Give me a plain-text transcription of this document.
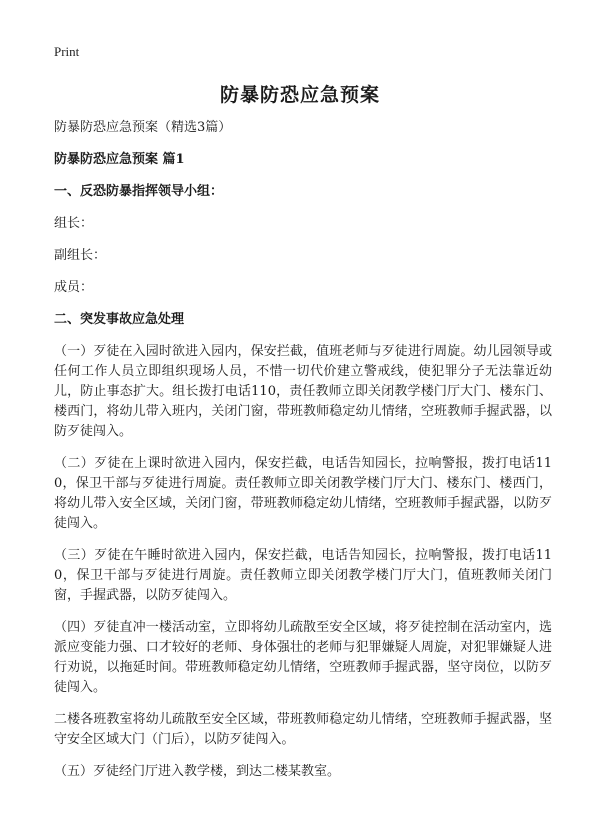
Print
防暴防恐应急预案

防暴防恐应急预案（精选3篇）

防暴防恐应急预案 篇1

一、反恐防暴指挥领导小组：

组长：

副组长：

成员：

二、突发事故应急处理

（一）歹徒在入园时欲进入园内，保安拦截，值班老师与歹徒进行周旋。幼儿园领导或任何工作人员立即组织现场人员，不惜一切代价建立警戒线，使犯罪分子无法靠近幼儿，防止事态扩大。组长拨打电话110，责任教师立即关闭教学楼门厅大门、楼东门、楼西门，将幼儿带入班内，关闭门窗，带班教师稳定幼儿情绪，空班教师手握武器，以防歹徒闯入。

（二）歹徒在上课时欲进入园内，保安拦截，电话告知园长，拉响警报，拨打电话110，保卫干部与歹徒进行周旋。责任教师立即关闭教学楼门厅大门、楼东门、楼西门，将幼儿带入安全区域，关闭门窗，带班教师稳定幼儿情绪，空班教师手握武器，以防歹徒闯入。

（三）歹徒在午睡时欲进入园内，保安拦截，电话告知园长，拉响警报，拨打电话110，保卫干部与歹徒进行周旋。责任教师立即关闭教学楼门厅大门，值班教师关闭门窗，手握武器，以防歹徒闯入。

（四）歹徒直冲一楼活动室，立即将幼儿疏散至安全区域，将歹徒控制在活动室内，选派应变能力强、口才较好的老师、身体强壮的老师与犯罪嫌疑人周旋，对犯罪嫌疑人进行劝说，以拖延时间。带班教师稳定幼儿情绪，空班教师手握武器，坚守岗位，以防歹徒闯入。

二楼各班教室将幼儿疏散至安全区域，带班教师稳定幼儿情绪，空班教师手握武器，坚守安全区域大门（门后），以防歹徒闯入。

（五）歹徒经门厅进入教学楼，到达二楼某教室。
